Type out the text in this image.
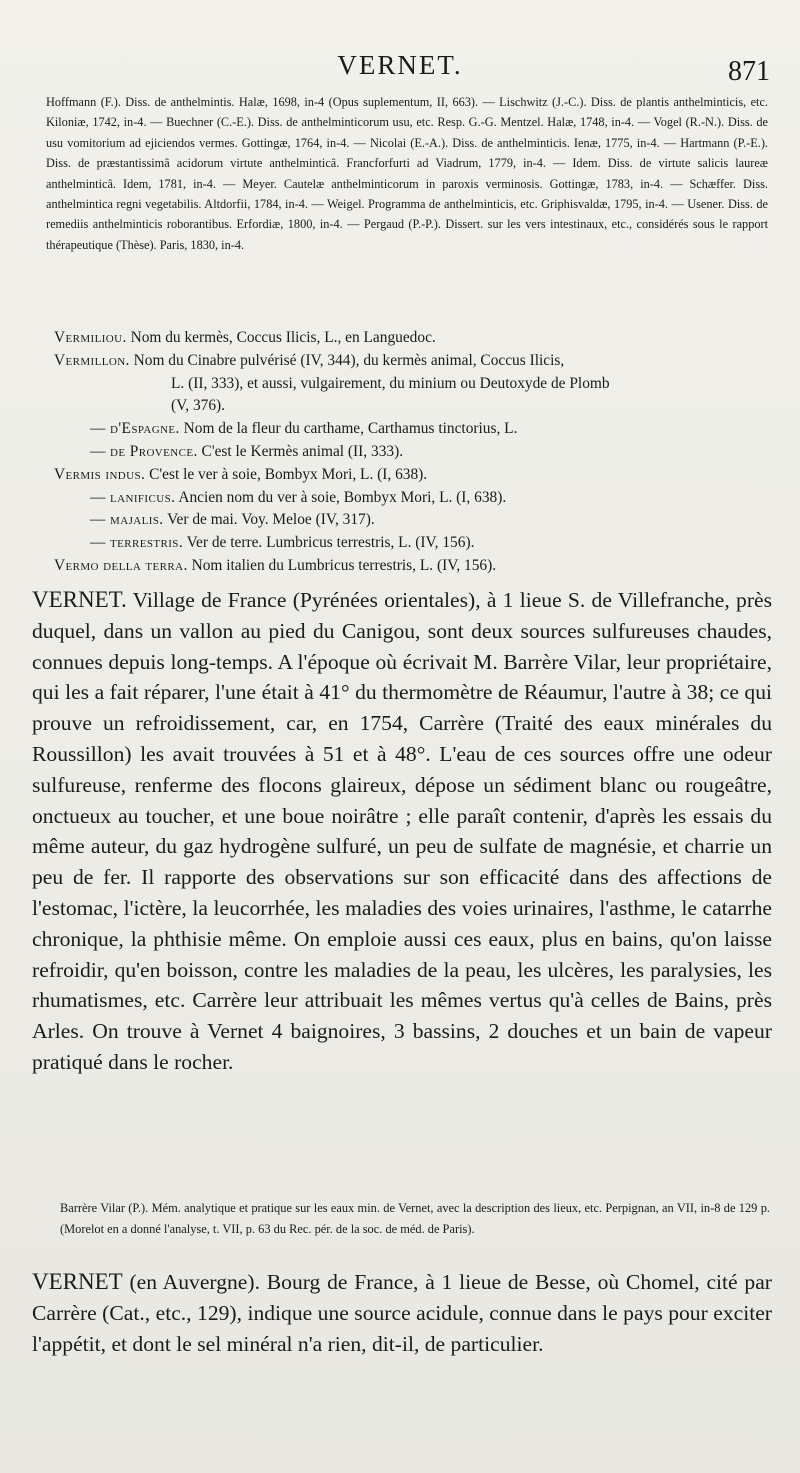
VERNET.	871

Hoffmann (F.). Diss. de anthelmintis. Halæ, 1698, in-4 (Opus suplementum, II, 663). — Lischwitz (J.-C.). Diss. de plantis anthelminticis, etc. Kiloniæ, 1742, in-4. — Buechner (C.-E.). Diss. de anthelminticorum usu, etc. Resp. G.-G. Mentzel. Halæ, 1748, in-4. — Vogel (R.-N.). Diss. de usu vomitorium ad ejiciendos vermes. Gottingæ, 1764, in-4. — Nicolai (E.-A.). Diss. de anthelminticis. Ienæ, 1775, in-4. — Hartmann (P.-E.). Diss. de præstantissimâ acidorum virtute anthelminticâ. Francforfurti ad Viadrum, 1779, in-4. — Idem. Diss. de virtute salicis laureæ anthelminticâ. Idem, 1781, in-4. — Meyer. Cautelæ anthelminticorum in paroxis verminosis. Gottingæ, 1783, in-4. — Schæffer. Diss. anthelmintica regni vegetabilis. Altdorfii, 1784, in-4. — Weigel. Programma de anthelminticis, etc. Griphisvaldæ, 1795, in-4. — Usener. Diss. de remediis anthelminticis roborantibus. Erfordiæ, 1800, in-4. — Pergaud (P.-P.). Dissert. sur les vers intestinaux, etc., considérés sous le rapport thérapeutique (Thèse). Paris, 1830, in-4.

Vermiliou. Nom du kermès, Coccus Ilicis, L., en Languedoc.

Vermillon. Nom du Cinabre pulvérisé (IV, 344), du kermès animal, Coccus Ilicis,

L. (II, 333), et aussi, vulgairement, du minium ou Deutoxyde de Plomb

(V, 376).

— d'Espagne. Nom de la fleur du carthame, Carthamus tinctorius, L.

— de Provence. C'est le Kermès animal (II, 333).

Vermis indus. C'est le ver à soie, Bombyx Mori, L. (I, 638).

— lanificus. Ancien nom du ver à soie, Bombyx Mori, L. (I, 638).

— majalis. Ver de mai. Voy. Meloe (IV, 317).

— terrestris. Ver de terre. Lumbricus terrestris, L. (IV, 156).

Vermo della terra. Nom italien du Lumbricus terrestris, L. (IV, 156).

VERNET. Village de France (Pyrénées orientales), à 1 lieue S. de Villefranche, près duquel, dans un vallon au pied du Canigou, sont deux sources sulfureuses chaudes, connues depuis long-temps. A l'époque où écrivait M. Barrère Vilar, leur propriétaire, qui les a fait réparer, l'une était à 41° du thermomètre de Réaumur, l'autre à 38; ce qui prouve un refroidissement, car, en 1754, Carrère (Traité des eaux minérales du Roussillon) les avait trouvées à 51 et à 48°. L'eau de ces sources offre une odeur sulfureuse, renferme des flocons glaireux, dépose un sédiment blanc ou rougeâtre, onctueux au toucher, et une boue noirâtre ; elle paraît contenir, d'après les essais du même auteur, du gaz hydrogène sulfuré, un peu de sulfate de magnésie, et charrie un peu de fer. Il rapporte des observations sur son efficacité dans des affections de l'estomac, l'ictère, la leucorrhée, les maladies des voies urinaires, l'asthme, le catarrhe chronique, la phthisie même. On emploie aussi ces eaux, plus en bains, qu'on laisse refroidir, qu'en boisson, contre les maladies de la peau, les ulcères, les paralysies, les rhumatismes, etc. Carrère leur attribuait les mêmes vertus qu'à celles de Bains, près Arles. On trouve à Vernet 4 baignoires, 3 bassins, 2 douches et un bain de vapeur pratiqué dans le rocher.

Barrère Vilar (P.). Mém. analytique et pratique sur les eaux min. de Vernet, avec la description des lieux, etc. Perpignan, an VII, in-8 de 129 p. (Morelot en a donné l'analyse, t. VII, p. 63 du Rec. pér. de la soc. de méd. de Paris).

VERNET (en Auvergne). Bourg de France, à 1 lieue de Besse, où Chomel, cité par Carrère (Cat., etc., 129), indique une source acidule, connue dans le pays pour exciter l'appétit, et dont le sel minéral n'a rien, dit-il, de particulier.
